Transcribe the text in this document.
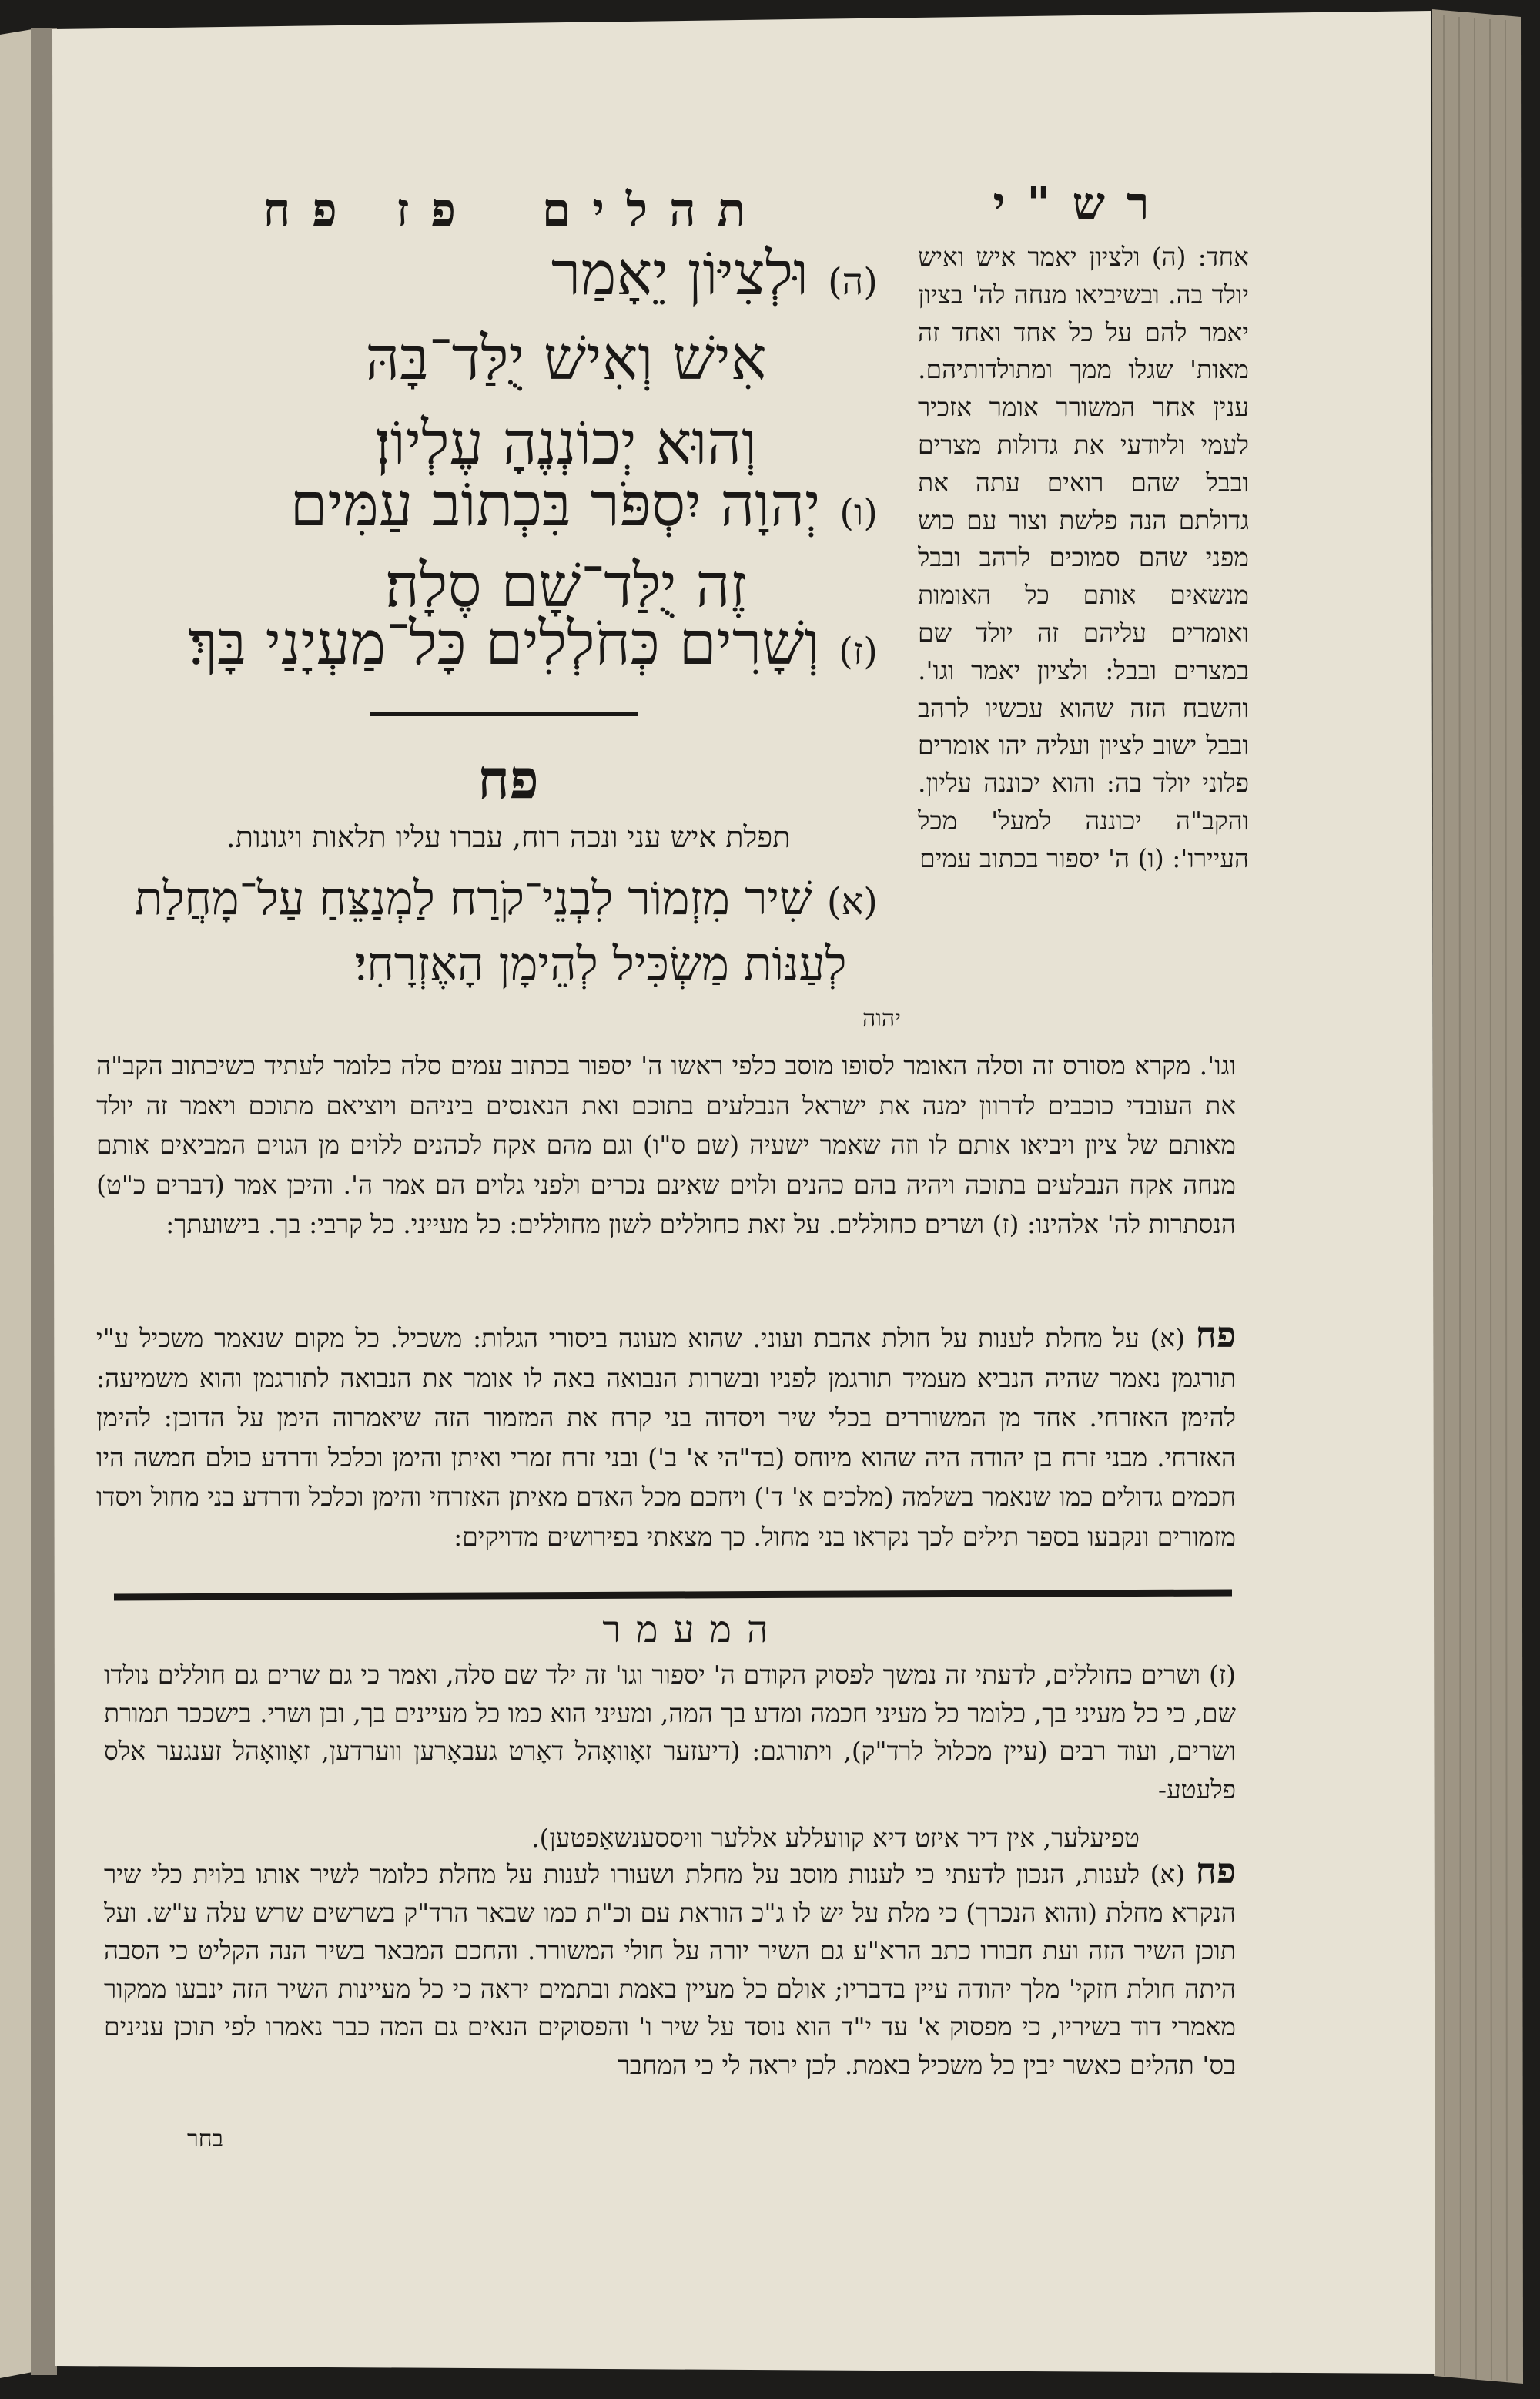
תהלים
פז פח	רש"י
(ה) וּלְצִיּוֹן יֵאָמַר
אִישׁ וְאִישׁ יֻלַּד־בָּהּ
וְהוּא יְכוֹנְנֶהָ עֶלְיוֹן׃
(ו) יְהוָה יִסְפֹּר בִּכְתוֹב עַמִּים
זֶה יֻלַּד־שָׁם סֶלָה׃
(ז) וְשָׁרִים כְּחֹלְלִים כָּל־מַעְיָנַי בָּךְ׃
פח
תפלת איש עני ונכה רוח, עברו עליו תלאות ויגונות.
(א) שִׁיר מִזְמוֹר לִבְנֵי־קֹרַח לַמְנַצֵּחַ עַל־מָחֲלַת
לְעַנּוֹת מַשְׂכִּיל לְהֵימָן הָאֶזְרָחִי׃
יהוה
אחד: (ה) ולציון יאמר איש ואיש יולד בה. ובשיביאו מנחה לה' בציון יאמר להם על כל אחד ואחד זה מאות' שגלו ממך ומתולדותיהם. ענין אחר המשורר אומר אזכיר לעמי וליודעי את גדולות מצרים ובבל שהם רואים עתה את גדולתם הנה פלשת וצור עם כוש מפני שהם סמוכים לרהב ובבל מנשאים אותם כל האומות ואומרים עליהם זה יולד שם במצרים ובבל: ולציון יאמר וגו'. והשבח הזה שהוא עכשיו לרהב ובבל ישוב לציון ועליה יהו אומרים פלוני יולד בה: והוא יכוננה עליון. והקב"ה יכוננה למעל' מכל העיירו': (ו) ה' יספור בכתוב עמים
וגו'. מקרא מסורס זה וסלה האומר לסופו מוסב כלפי ראשו ה' יספור בכתוב עמים סלה כלומר לעתיד כשיכתוב הקב"ה את העובדי כוכבים לדרוון ימנה את ישראל הנבלעים בתוכם ואת הנאנסים ביניהם ויוציאם מתוכם ויאמר זה יולד מאותם של ציון ויביאו אותם לו וזה שאמר ישעיה (שם ס"ו) וגם מהם אקח לכהנים ללוים מן הגוים המביאים אותם מנחה אקח הנבלעים בתוכה ויהיה בהם כהנים ולוים שאינם נכרים ולפני גלוים הם אמר ה'. והיכן אמר (דברים כ"ט) הנסתרות לה' אלהינו: (ז) ושרים כחוללים. על זאת כחוללים לשון מחוללים: כל מעייני. כל קרבי: בך. בישועתך:
פח (א) על מחלת לענות על חולת אהבת ועוני. שהוא מעונה ביסורי הגלות: משכיל. כל מקום שנאמר משכיל ע"י תורגמן נאמר שהיה הנביא מעמיד תורגמן לפניו ובשרות הנבואה באה לו אומר את הנבואה לתורגמן והוא משמיעה: להימן האזרחי. אחד מן המשוררים בכלי שיר ויסדוה בני קרח את המזמור הזה שיאמרוה הימן על הדוכן: להימן האזרחי. מבני זרח בן יהודה היה שהוא מיוחס (בד"הי א' ב') ובני זרח זמרי ואיתן והימן וכלכל ודרדע כולם חמשה היו חכמים גדולים כמו שנאמר בשלמה (מלכים א' ד') ויחכם מכל האדם מאיתן האזרחי והימן וכלכל ודרדע בני מחול ויסדו מזמורים ונקבעו בספר תילים לכך נקראו בני מחול. כך מצאתי בפירושים מדויקים:
המעמר
(ז) ושרים כחוללים, לדעתי זה נמשך לפסוק הקודם ה' יספור וגו' זה ילד שם סלה, ואמר כי גם שרים גם חוללים נולדו שם, כי כל מעיני בך, כלומר כל מעיני חכמה ומדע בך המה, ומעיני הוא כמו כל מעיינים בך, ובן ושרי. בישככר תמורת ושרים, ועוד רבים (עיין מכלול לרד"ק), ויתורגם: (דיעזער זאָוואָהל דאָרט געבאָרען ווערדען, זאָוואָהל זענגער אלס פלעטע-
טפיעלער, אין דיר איזט דיא קוועללע אללער וויססענשאַפטען).
פח (א) לענות, הנכון לדעתי כי לענות מוסב על מחלת ושעורו לענות על מחלת כלומר לשיר אותו בלוית כלי שיר הנקרא מחלת (והוא הנכרך) כי מלת על יש לו ג"כ הוראת עם וכ"ת כמו שבאר הרד"ק בשרשים שרש עלה ע"ש. ועל תוכן השיר הזה ועת חבורו כתב הרא"ע גם השיר יורה על חולי המשורר. והחכם המבאר בשיר הנה הקליט כי הסבה היתה חולת חזקי' מלך יהודה עיין בדבריו; אולם כל מעיין באמת ובתמים יראה כי כל מעיינות השיר הזה ינבעו ממקור מאמרי דוד בשיריו, כי מפסוק א' עד י"ד הוא נוסד על שיר ו' והפסוקים הנאים גם המה כבר נאמרו לפי תוכן ענינים בס' תהלים כאשר יבין כל משכיל באמת. לכן יראה לי כי המחבר
בחר
